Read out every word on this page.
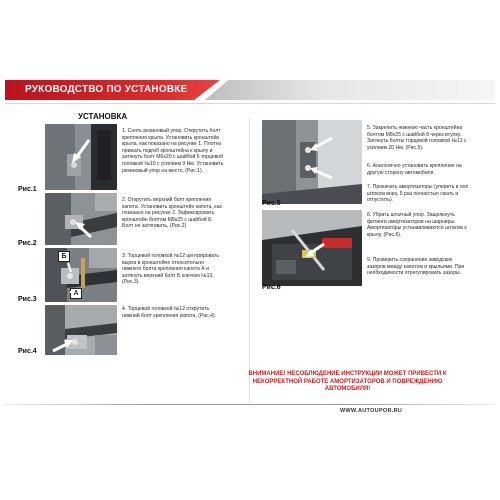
РУКОВОДСТВО ПО УСТАНОВКЕ
УСТАНОВКА
Рис.1
Рис.2
Б
А
Рис.3
Рис.4
1. Снять резиновый упор. Открутить болт
крепления крыла. Установить кронштейн
крыла, как показано на рисунке 1. Плотно
прижать подгиб кронштейна к крылу и
затянуть болт М6х20 с шайбой 6 торцевой
головкой №10 с усилием 9 Нм. Установить
резиновый упор на место, (Рис.1).
2. Открутить верхний болт крепления
капота. Установить кронштейн капота, как
показано на рисунке 2. Зафиксировать
кронштейн болтом М8х25 с шайбой 8.
Болт не затягивать, (Рис.2)
3. Торцевой головкой №12 центрировать
вырез в кронштейне относительно
нижнего болта крепления капота А и
затянуть верхний болт Б ключом №13,
(Рис.3).
4. Торцевой головкой №12 открутить
нижний болт крепления капота, (Рис.4).
Рис.5
Рис.6
5. Закрепить нижнюю часть кронштейна
болтом М8х25 с шайбой 8 через втулку.
Затянуть болты торцевой головкой №13 с
усилием 20 Нм, (Рис.5).
6. Аналогично установить крепление на
другую сторону автомобиля.
7. Прокачать амортизаторы (упереть в пол
штоком вниз, 5 раз полностью сжать и
отпустить).
8. Убрать штатный упор. Защелкнуть
фитинги амортизаторов на шарниры.
Амортизаторы устанавливаются штоком к
крылу, (Рис.6).
9. Проверить сохранение заводских
зазоров между капотом и крыльями. При
необходимости отрегулировать зазоры.
ВНИМАНИЕ! НЕСОБЛЮДЕНИЕ ИНСТРУКЦИИ МОЖЕТ ПРИВЕСТИ К
НЕКОРРЕКТНОЙ РАБОТЕ АМОРТИЗАТОРОВ И ПОВРЕЖДЕНИЮ
АВТОМОБИЛЯ!
WWW.AUTOUPOR.RU
